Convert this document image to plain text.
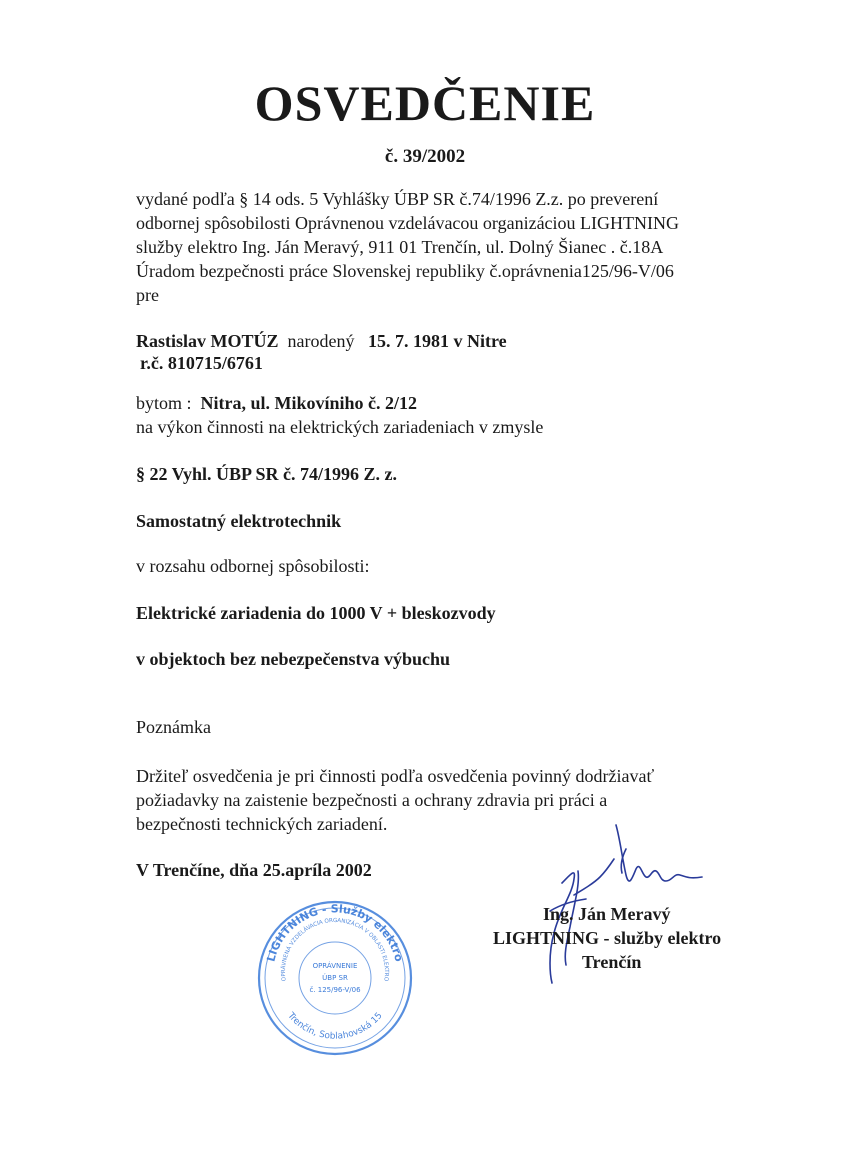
OSVEDČENIE
č. 39/2002
vydané podľa § 14 ods. 5 Vyhlášky ÚBP SR č.74/1996 Z.z. po preverení
odbornej spôsobilosti Oprávnenou vzdelávacou organizáciou LIGHTNING
služby elektro Ing. Ján Meravý, 911 01 Trenčín, ul. Dolný Šianec . č.18A
Úradom bezpečnosti práce Slovenskej republiky č.oprávnenia125/96-V/06
pre
Rastislav MOTÚZ narodený 15. 7. 1981 v Nitre
r.č. 810715/6761
bytom : Nitra, ul. Mikovíniho č. 2/12
na výkon činnosti na elektrických zariadeniach v zmysle
§ 22 Vyhl. ÚBP SR č. 74/1996 Z. z.
Samostatný elektrotechnik
v rozsahu odbornej spôsobilosti:
Elektrické zariadenia do 1000 V + bleskozvody
v objektoch bez nebezpečenstva výbuchu
Poznámka
Držiteľ osvedčenia je pri činnosti podľa osvedčenia povinný dodržiavať
požiadavky na zaistenie bezpečnosti a ochrany zdravia pri práci a
bezpečnosti technických zariadení.
V Trenčíne, dňa 25.apríla 2002
Ing. Ján Meravý
LIGHTNING - služby elektro
Trenčín
LIGHTNING - Služby elektro
OPRÁVNENÁ VZDELÁVACIA ORGANIZÁCIA V OBLASTI ELEKTRO
Trenčín, Soblahovská 15
OPRÁVNENIE
ÚBP SR
č. 125/96-V/06
